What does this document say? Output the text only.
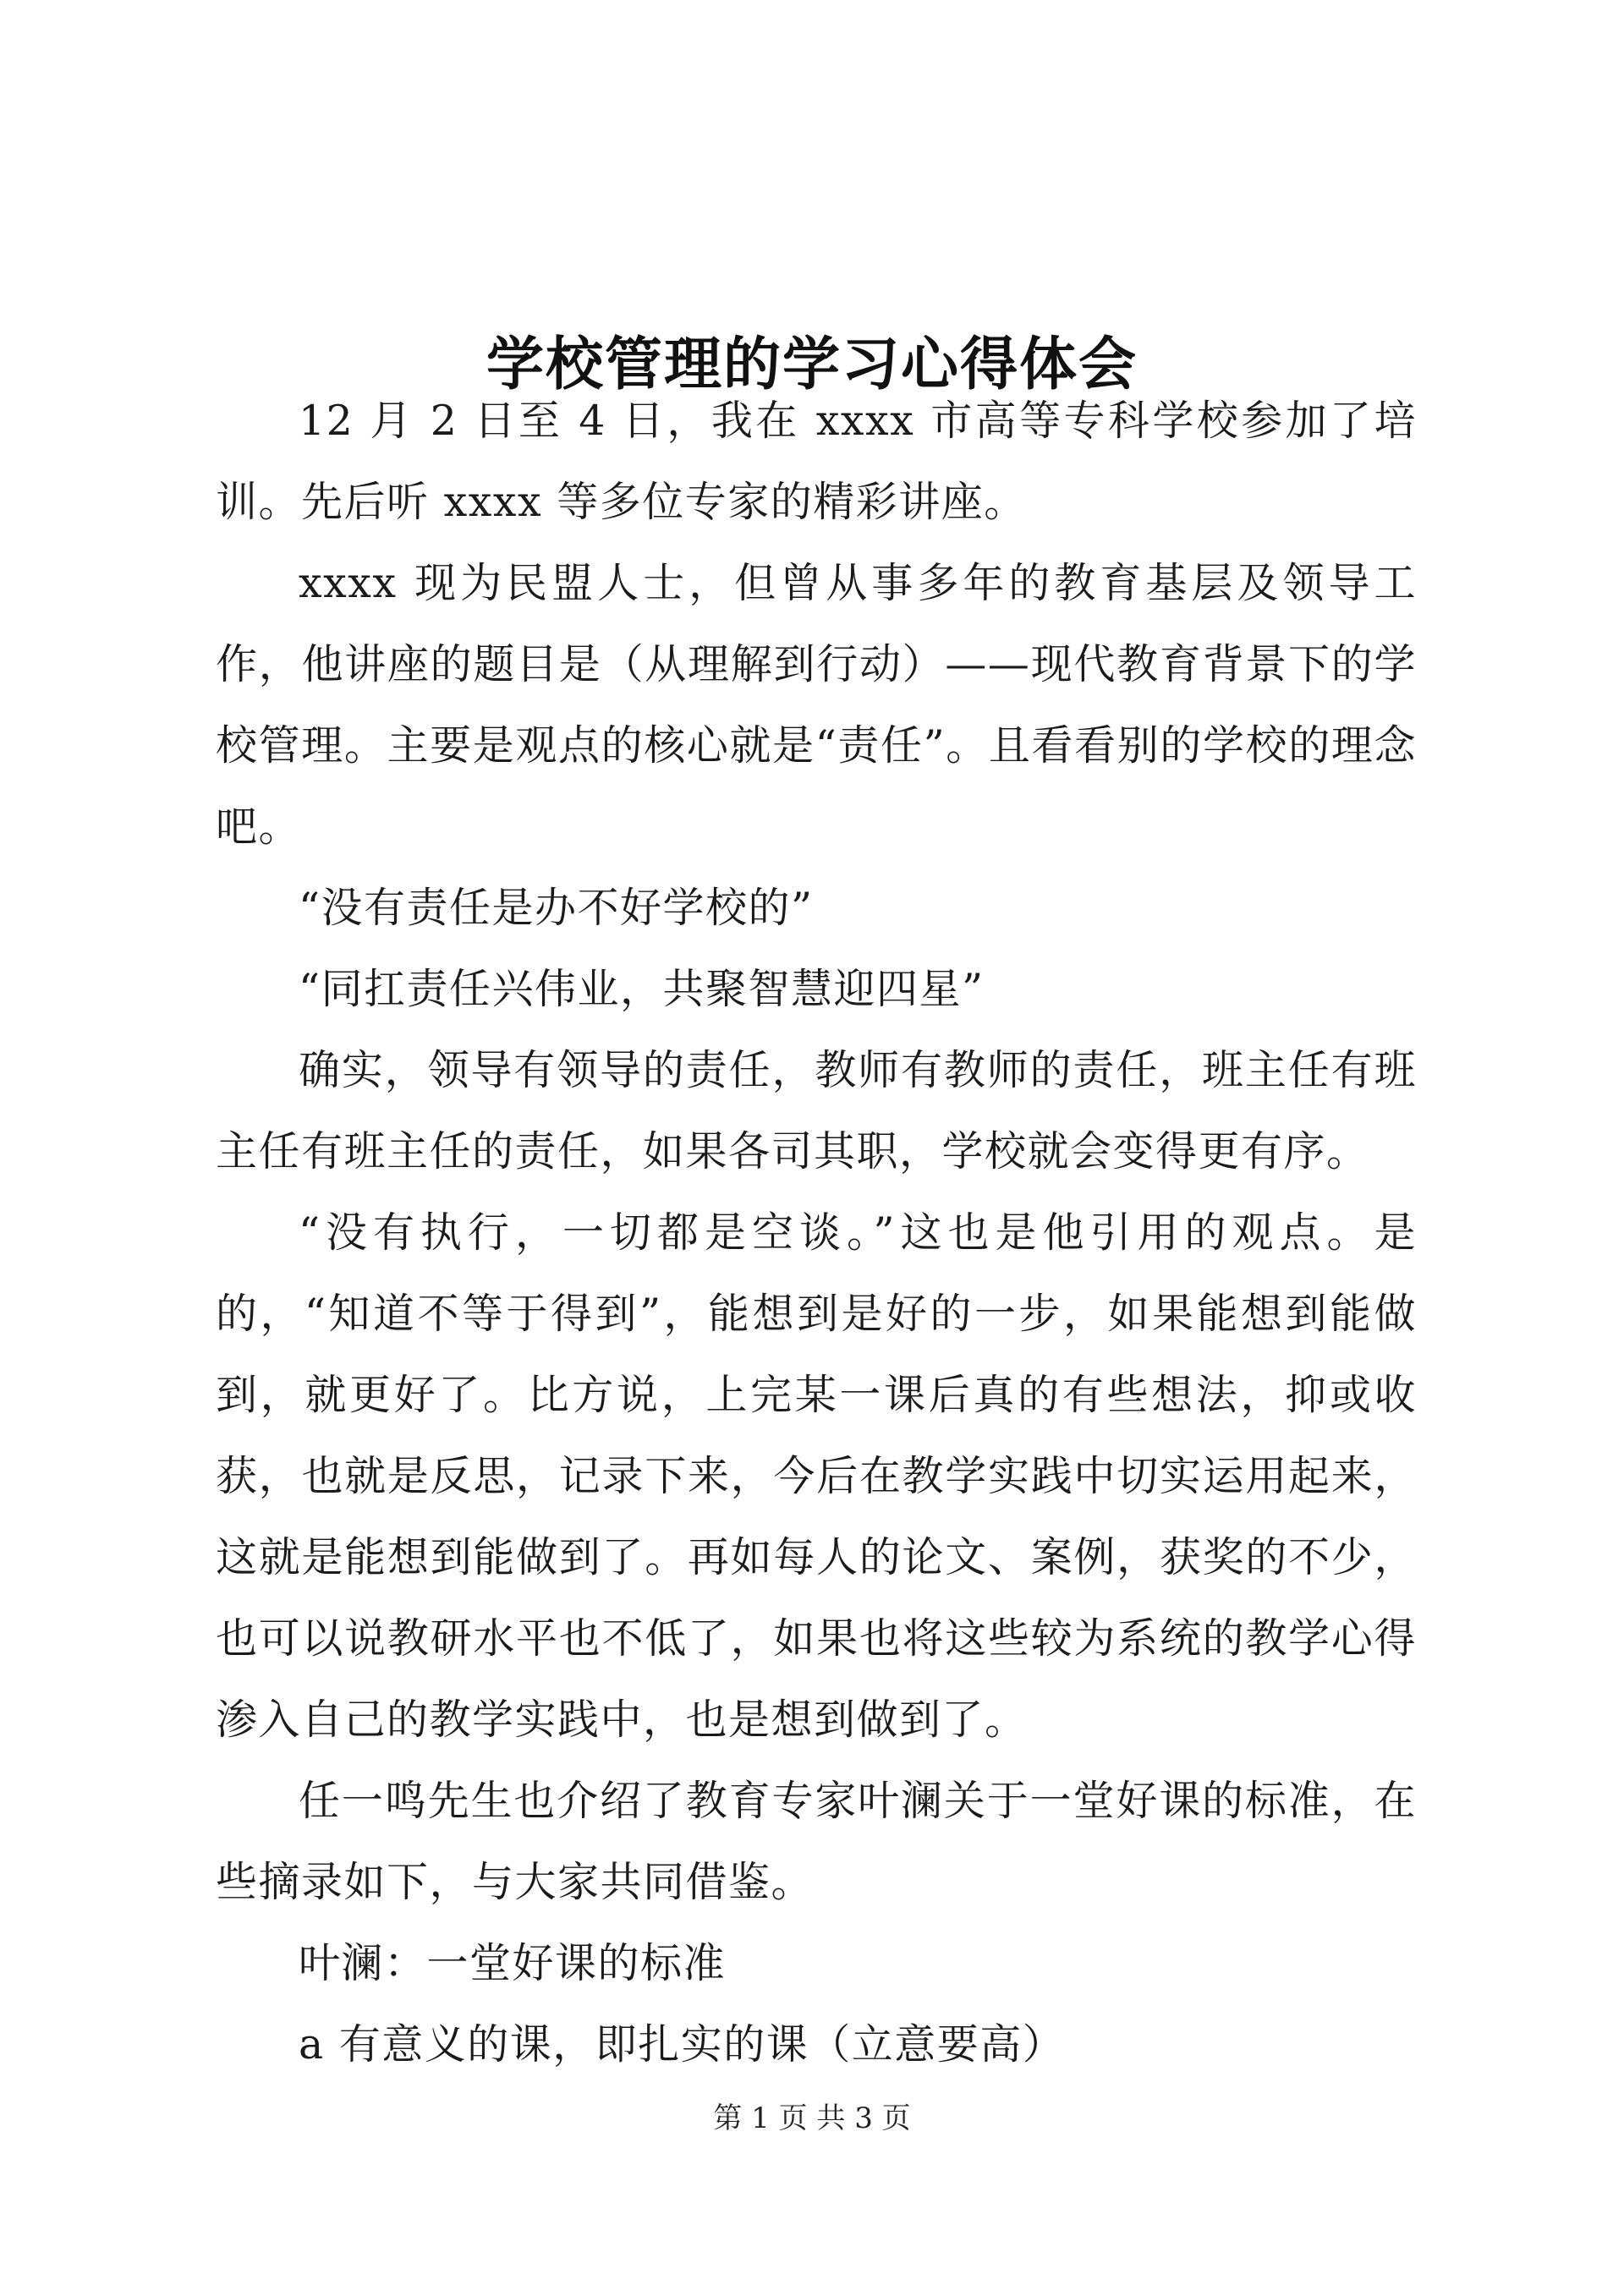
学校管理的学习心得体会

12 月 2 日至 4 日，我在 xxxx 市高等专科学校参加了培训。先后听 xxxx 等多位专家的精彩讲座。

xxxx 现为民盟人士，但曾从事多年的教育基层及领导工作，他讲座的题目是（从理解到行动）——现代教育背景下的学校管理。主要是观点的核心就是“责任”。且看看别的学校的理念吧。

“没有责任是办不好学校的”

“同扛责任兴伟业，共聚智慧迎四星”

确实，领导有领导的责任，教师有教师的责任，班主任有班主任有班主任的责任，如果各司其职，学校就会变得更有序。

“没有执行，一切都是空谈。”这也是他引用的观点。是的，“知道不等于得到”，能想到是好的一步，如果能想到能做到，就更好了。比方说，上完某一课后真的有些想法，抑或收获，也就是反思，记录下来，今后在教学实践中切实运用起来，这就是能想到能做到了。再如每人的论文、案例，获奖的不少，也可以说教研水平也不低了，如果也将这些较为系统的教学心得渗入自己的教学实践中，也是想到做到了。

任一鸣先生也介绍了教育专家叶澜关于一堂好课的标准，在些摘录如下，与大家共同借鉴。

叶澜：一堂好课的标准

a 有意义的课，即扎实的课（立意要高）

第 1 页 共 3 页
